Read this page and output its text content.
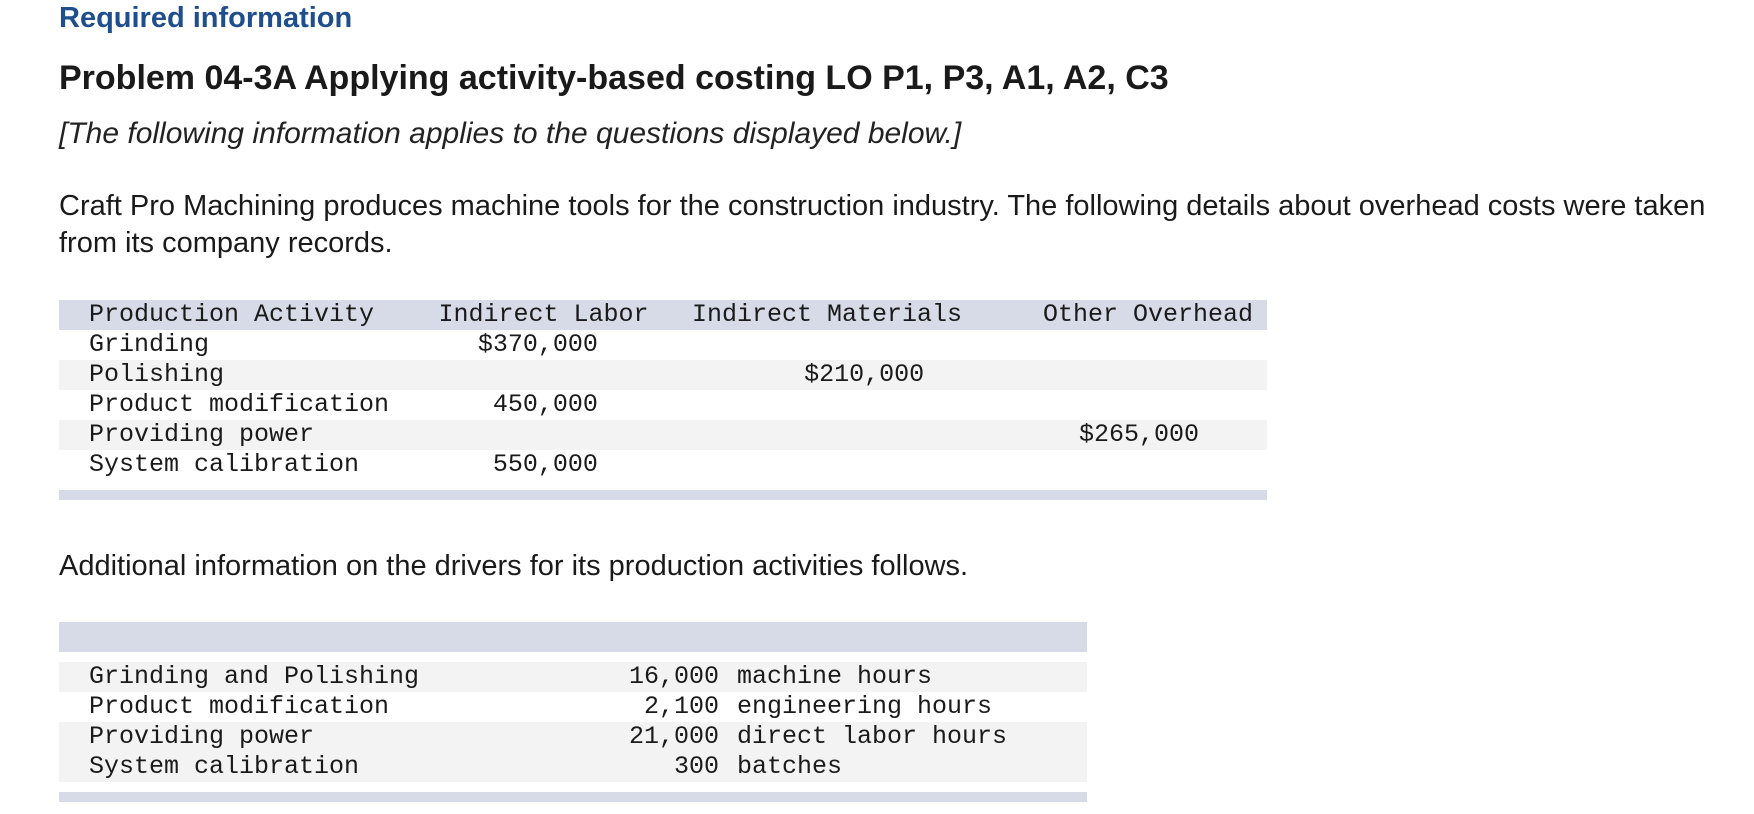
Required information
Problem 04-3A Applying activity-based costing LO P1, P3, A1, A2, C3
[The following information applies to the questions displayed below.]
Craft Pro Machining produces machine tools for the construction industry. The following details about overhead costs were taken from its company records.
Production Activity	Indirect Labor	Indirect Materials	Other Overhead
Grinding	$370,000		
Polishing		$210,000	
Product modification	450,000		
Providing power			$265,000
System calibration	550,000		

Additional information on the drivers for its production activities follows.

Grinding and Polishing	16,000	machine hours
Product modification	2,100	engineering hours
Providing power	21,000	direct labor hours
System calibration	300	batches
